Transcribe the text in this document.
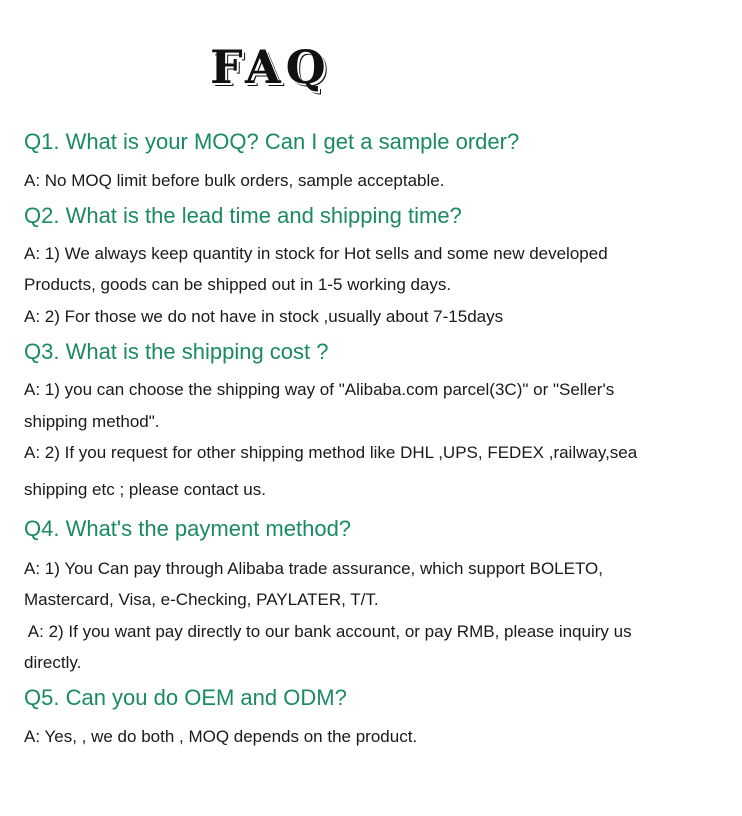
FAQ
Q1. What is your MOQ? Can I get a sample order?
A: No MOQ limit before bulk orders, sample acceptable.
Q2. What is the lead time and shipping time?
A: 1) We always keep quantity in stock for Hot sells and some new developed
Products, goods can be shipped out in 1-5 working days.
A: 2) For those we do not have in stock ,usually about 7-15days
Q3. What is the shipping cost ?
A: 1) you can choose the shipping way of "Alibaba.com parcel(3C)" or "Seller's
shipping method".
A: 2) If you request for other shipping method like DHL ,UPS, FEDEX ,railway,sea
shipping etc ; please contact us.
Q4. What's the payment method?
A: 1) You Can pay through Alibaba trade assurance, which support BOLETO,
Mastercard, Visa, e-Checking, PAYLATER, T/T.
A: 2) If you want pay directly to our bank account, or pay RMB, please inquiry us
directly.
Q5. Can you do OEM and ODM?
A: Yes, , we do both , MOQ depends on the product.
